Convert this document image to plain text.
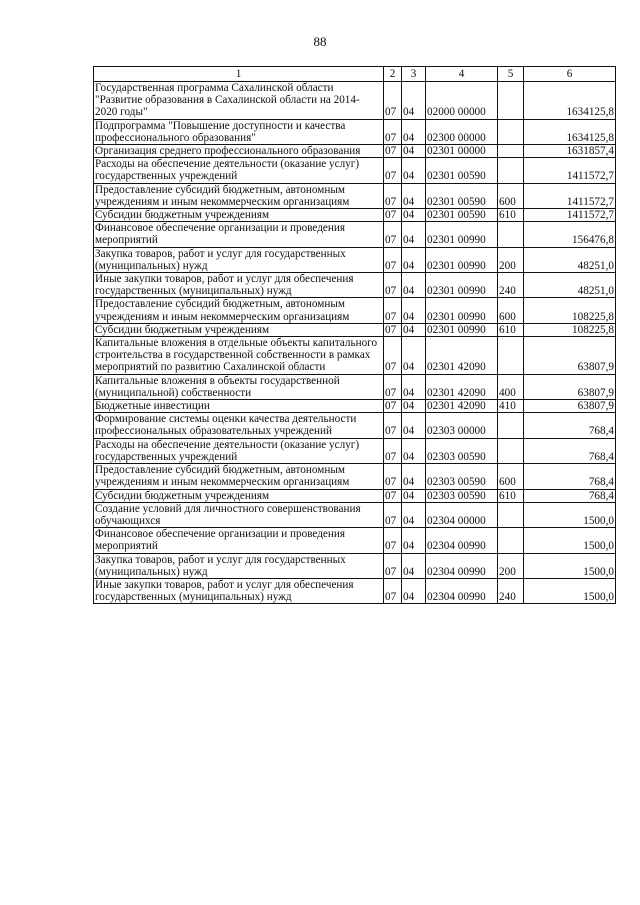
88
1	2	3	4	5	6
Государственная программа Сахалинской области "Развитие образования в Сахалинской области на 2014-2020 годы"	07	04	02000 00000		1634125,8
Подпрограмма "Повышение доступности и качества профессионального образования"	07	04	02300 00000		1634125,8
Организация среднего профессионального образования	07	04	02301 00000		1631857,4
Расходы на обеспечение деятельности (оказание услуг) государственных учреждений	07	04	02301 00590		1411572,7
Предоставление субсидий бюджетным, автономным учреждениям и иным некоммерческим организациям	07	04	02301 00590	600	1411572,7
Субсидии бюджетным учреждениям	07	04	02301 00590	610	1411572,7
Финансовое обеспечение организации и проведения мероприятий	07	04	02301 00990		156476,8
Закупка товаров, работ и услуг для государственных (муниципальных) нужд	07	04	02301 00990	200	48251,0
Иные закупки товаров, работ и услуг для обеспечения государственных (муниципальных) нужд	07	04	02301 00990	240	48251,0
Предоставление субсидий бюджетным, автономным учреждениям и иным некоммерческим организациям	07	04	02301 00990	600	108225,8
Субсидии бюджетным учреждениям	07	04	02301 00990	610	108225,8
Капитальные вложения в отдельные объекты капитального строительства в государственной собственности в рамках мероприятий по развитию Сахалинской области	07	04	02301 42090		63807,9
Капитальные вложения в объекты государственной (муниципальной) собственности	07	04	02301 42090	400	63807,9
Бюджетные инвестиции	07	04	02301 42090	410	63807,9
Формирование системы оценки качества деятельности профессиональных образовательных учреждений	07	04	02303 00000		768,4
Расходы на обеспечение деятельности (оказание услуг) государственных учреждений	07	04	02303 00590		768,4
Предоставление субсидий бюджетным, автономным учреждениям и иным некоммерческим организациям	07	04	02303 00590	600	768,4
Субсидии бюджетным учреждениям	07	04	02303 00590	610	768,4
Создание условий для личностного совершенствования обучающихся	07	04	02304 00000		1500,0
Финансовое обеспечение организации и проведения мероприятий	07	04	02304 00990		1500,0
Закупка товаров, работ и услуг для государственных (муниципальных) нужд	07	04	02304 00990	200	1500,0
Иные закупки товаров, работ и услуг для обеспечения государственных (муниципальных) нужд	07	04	02304 00990	240	1500,0
